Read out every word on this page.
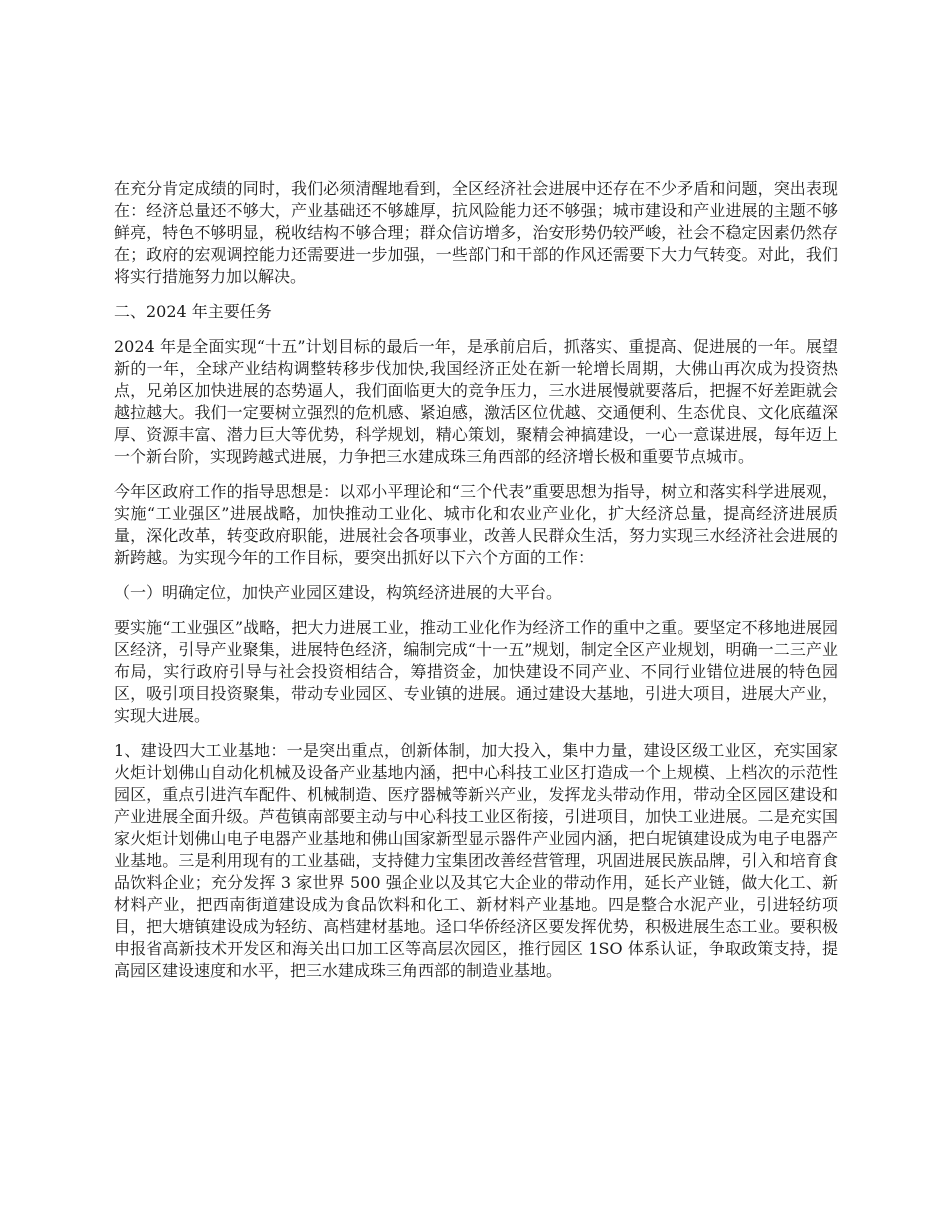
在充分肯定成绩的同时，我们必须清醒地看到，全区经济社会进展中还存在不少矛盾和问题，突出表现在：经济总量还不够大，产业基础还不够雄厚，抗风险能力还不够强；城市建设和产业进展的主题不够鲜亮，特色不够明显，税收结构不够合理；群众信访增多，治安形势仍较严峻，社会不稳定因素仍然存在；政府的宏观调控能力还需要进一步加强，一些部门和干部的作风还需要下大力气转变。对此，我们将实行措施努力加以解决。

二、2024 年主要任务

2024 年是全面实现“十五”计划目标的最后一年，是承前启后，抓落实、重提高、促进展的一年。展望新的一年，全球产业结构调整转移步伐加快,我国经济正处在新一轮增长周期，大佛山再次成为投资热点，兄弟区加快进展的态势逼人，我们面临更大的竞争压力，三水进展慢就要落后，把握不好差距就会越拉越大。我们一定要树立强烈的危机感、紧迫感，激活区位优越、交通便利、生态优良、文化底蕴深厚、资源丰富、潜力巨大等优势，科学规划，精心策划，聚精会神搞建设，一心一意谋进展，每年迈上一个新台阶，实现跨越式进展，力争把三水建成珠三角西部的经济增长极和重要节点城市。

今年区政府工作的指导思想是：以邓小平理论和“三个代表”重要思想为指导，树立和落实科学进展观，实施“工业强区”进展战略，加快推动工业化、城市化和农业产业化，扩大经济总量，提高经济进展质量，深化改革，转变政府职能，进展社会各项事业，改善人民群众生活，努力实现三水经济社会进展的新跨越。为实现今年的工作目标，要突出抓好以下六个方面的工作：

（一）明确定位，加快产业园区建设，构筑经济进展的大平台。

要实施“工业强区”战略，把大力进展工业，推动工业化作为经济工作的重中之重。要坚定不移地进展园区经济，引导产业聚集，进展特色经济，编制完成“十一五”规划，制定全区产业规划，明确一二三产业布局，实行政府引导与社会投资相结合，筹措资金，加快建设不同产业、不同行业错位进展的特色园区，吸引项目投资聚集，带动专业园区、专业镇的进展。通过建设大基地，引进大项目，进展大产业，实现大进展。

1、建设四大工业基地：一是突出重点，创新体制，加大投入，集中力量，建设区级工业区，充实国家火炬计划佛山自动化机械及设备产业基地内涵，把中心科技工业区打造成一个上规模、上档次的示范性园区，重点引进汽车配件、机械制造、医疗器械等新兴产业，发挥龙头带动作用，带动全区园区建设和产业进展全面升级。芦苞镇南部要主动与中心科技工业区衔接，引进项目，加快工业进展。二是充实国家火炬计划佛山电子电器产业基地和佛山国家新型显示器件产业园内涵，把白坭镇建设成为电子电器产业基地。三是利用现有的工业基础，支持健力宝集团改善经营管理，巩固进展民族品牌，引入和培育食品饮料企业；充分发挥 3 家世界 500 强企业以及其它大企业的带动作用，延长产业链，做大化工、新材料产业，把西南街道建设成为食品饮料和化工、新材料产业基地。四是整合水泥产业，引进轻纺项目，把大塘镇建设成为轻纺、高档建材基地。迳口华侨经济区要发挥优势，积极进展生态工业。要积极申报省高新技术开发区和海关出口加工区等高层次园区，推行园区 1SO 体系认证，争取政策支持，提高园区建设速度和水平，把三水建成珠三角西部的制造业基地。
